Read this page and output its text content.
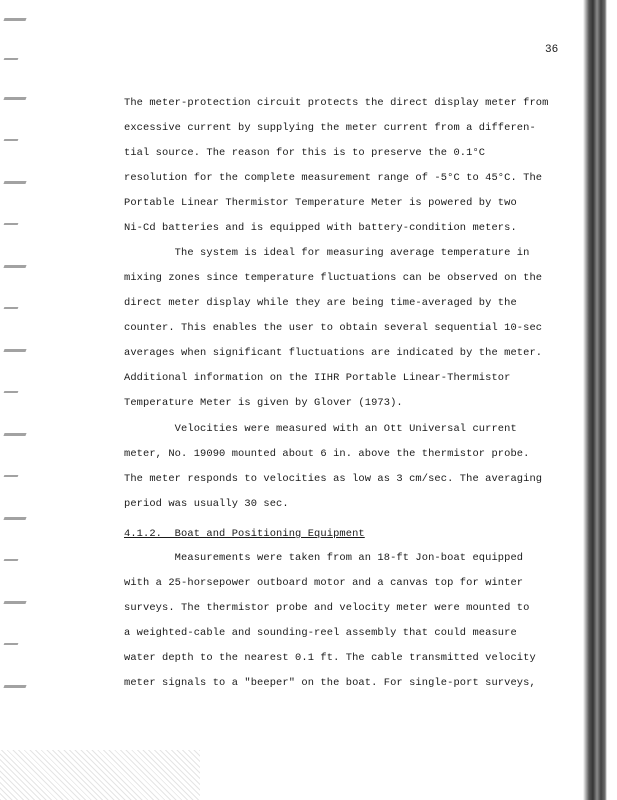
36
The meter-protection circuit protects the direct display meter from
excessive current by supplying the meter current from a differen-
tial source. The reason for this is to preserve the 0.1°C
resolution for the complete measurement range of -5°C to 45°C. The
Portable Linear Thermistor Temperature Meter is powered by two
Ni-Cd batteries and is equipped with battery-condition meters.
The system is ideal for measuring average temperature in
mixing zones since temperature fluctuations can be observed on the
direct meter display while they are being time-averaged by the
counter. This enables the user to obtain several sequential 10-sec
averages when significant fluctuations are indicated by the meter.
Additional information on the IIHR Portable Linear-Thermistor
Temperature Meter is given by Glover (1973).
Velocities were measured with an Ott Universal current
meter, No. 19090 mounted about 6 in. above the thermistor probe.
The meter responds to velocities as low as 3 cm/sec. The averaging
period was usually 30 sec.
4.1.2.  Boat and Positioning Equipment
Measurements were taken from an 18-ft Jon-boat equipped
with a 25-horsepower outboard motor and a canvas top for winter
surveys. The thermistor probe and velocity meter were mounted to
a weighted-cable and sounding-reel assembly that could measure
water depth to the nearest 0.1 ft. The cable transmitted velocity
meter signals to a "beeper" on the boat. For single-port surveys,
